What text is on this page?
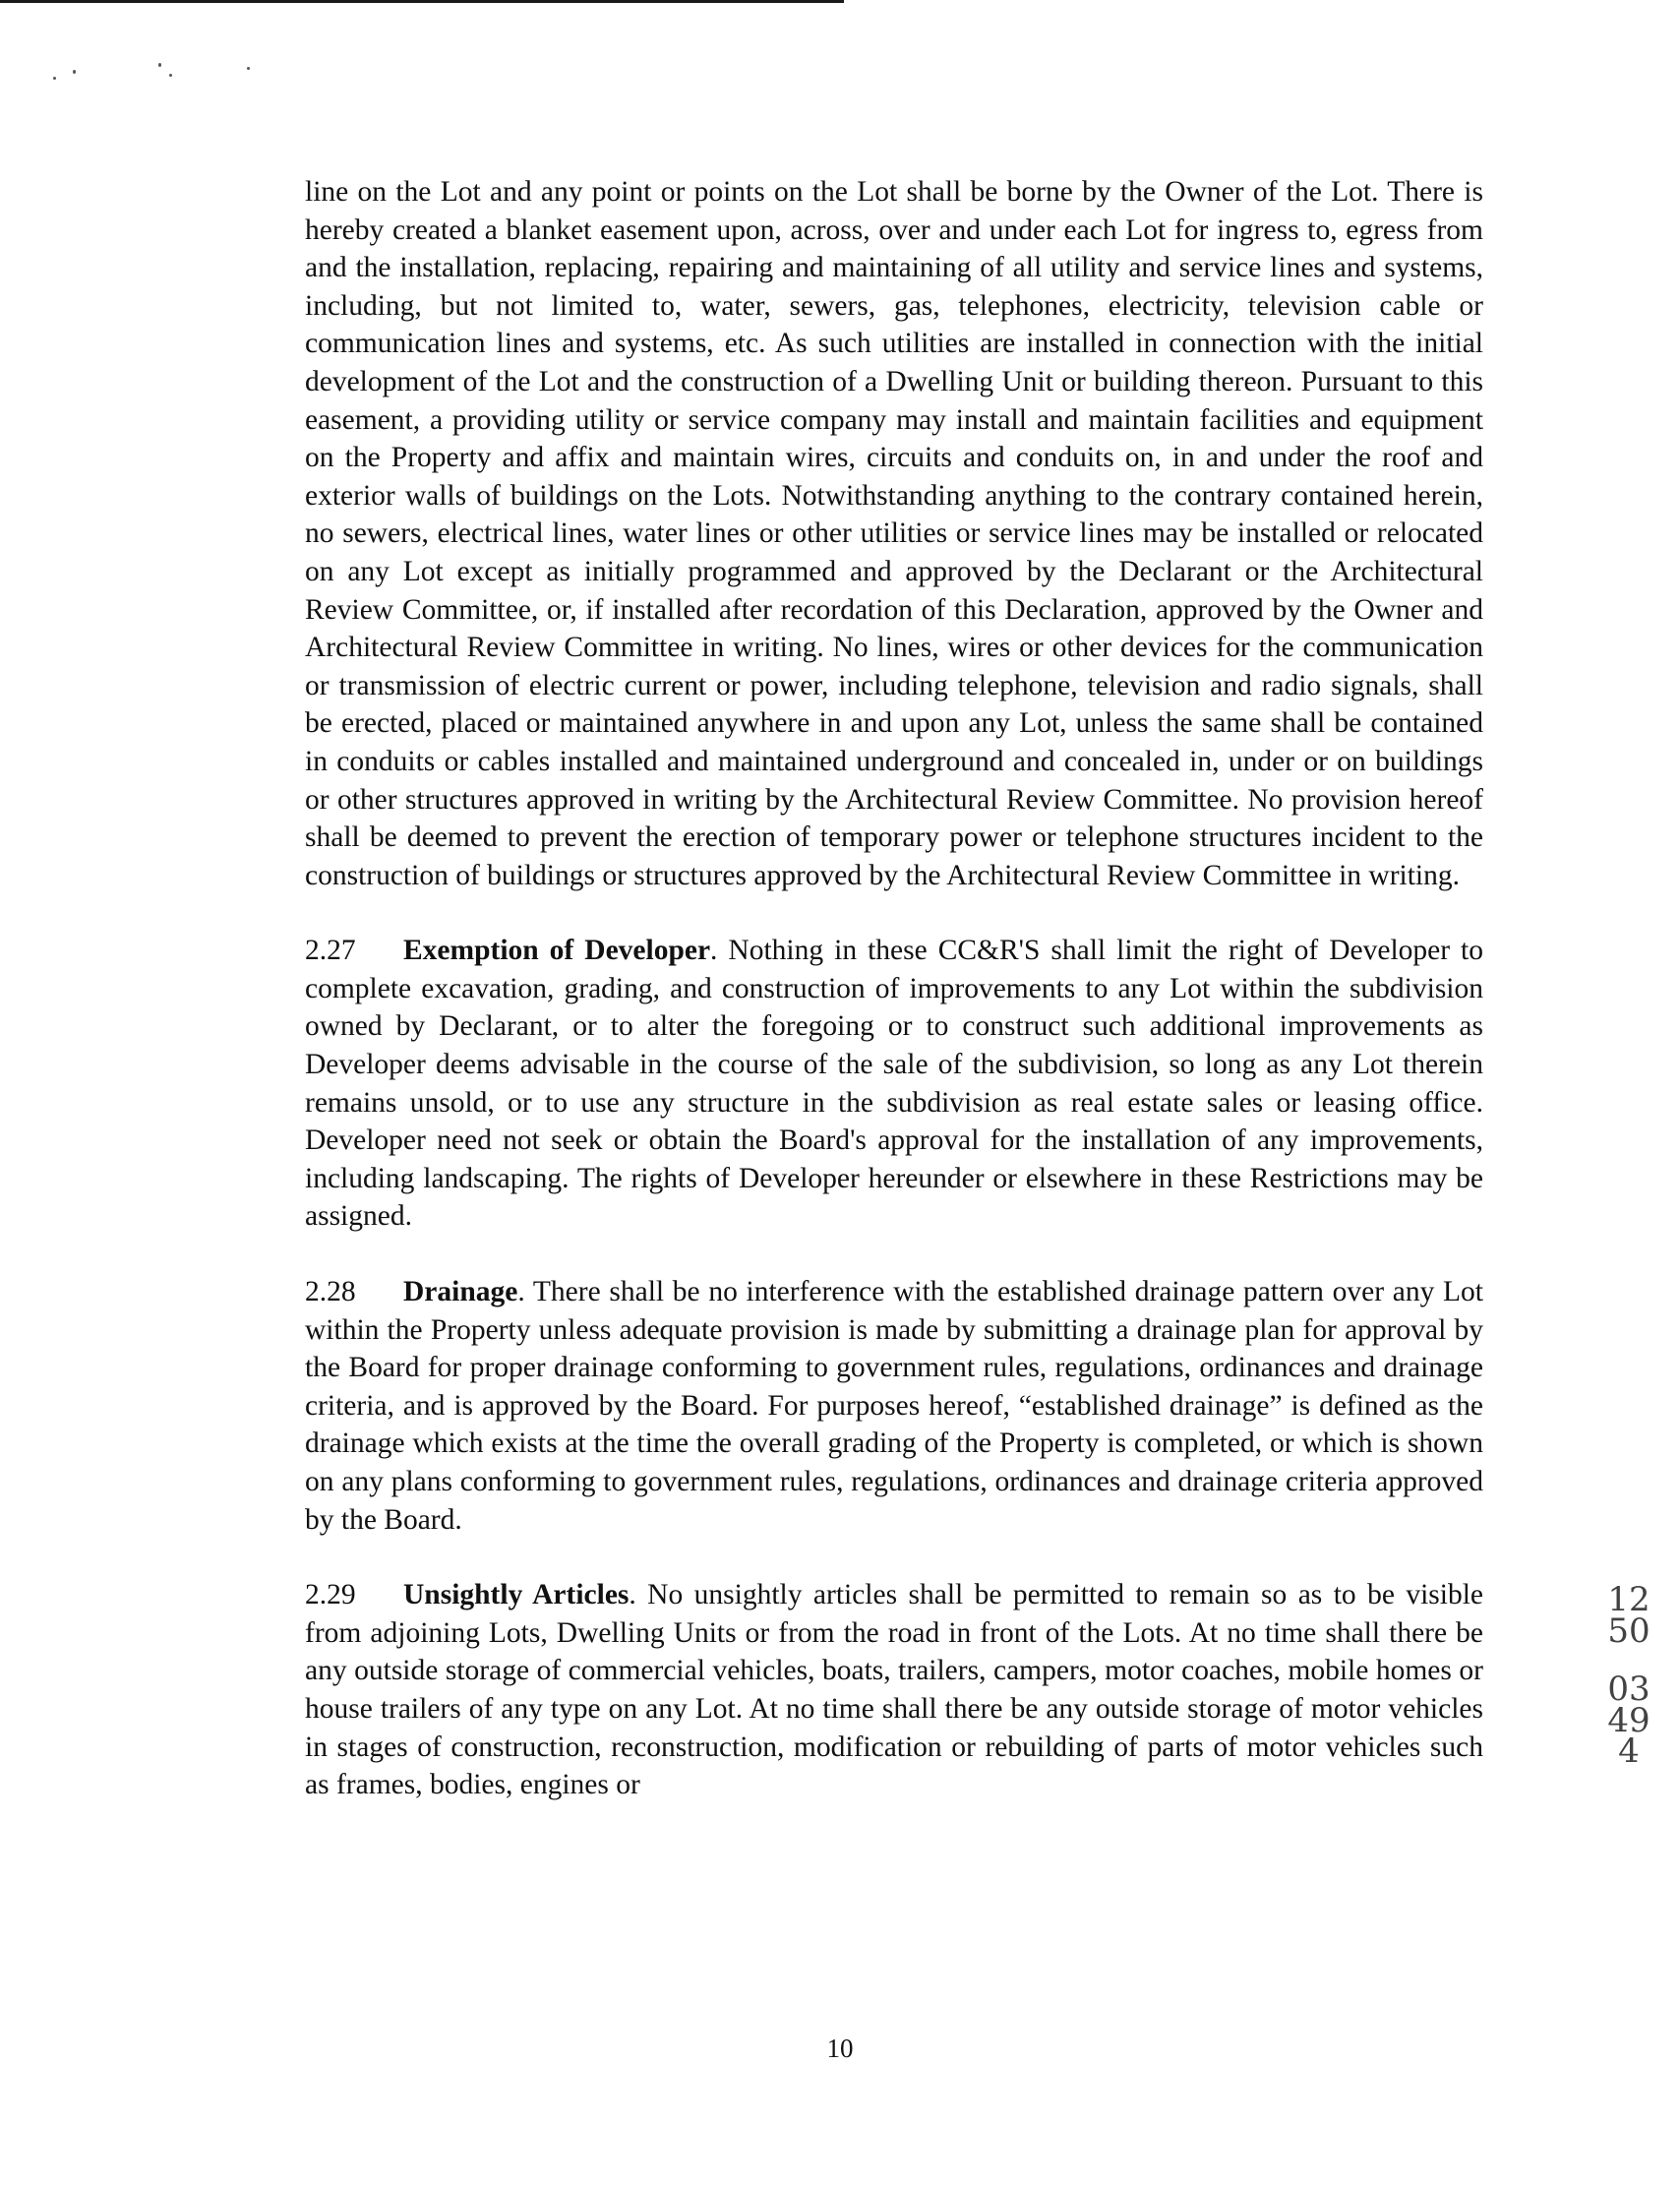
line on the Lot and any point or points on the Lot shall be borne by the Owner of the Lot. There is hereby created a blanket easement upon, across, over and under each Lot for ingress to, egress from and the installation, replacing, repairing and maintaining of all utility and service lines and systems, including, but not limited to, water, sewers, gas, telephones, electricity, television cable or communication lines and systems, etc. As such utilities are installed in connection with the initial development of the Lot and the construction of a Dwelling Unit or building thereon. Pursuant to this easement, a providing utility or service company may install and maintain facilities and equipment on the Property and affix and maintain wires, circuits and conduits on, in and under the roof and exterior walls of buildings on the Lots. Notwithstanding anything to the contrary contained herein, no sewers, electrical lines, water lines or other utilities or service lines may be installed or relocated on any Lot except as initially programmed and approved by the Declarant or the Architectural Review Committee, or, if installed after recordation of this Declaration, approved by the Owner and Architectural Review Committee in writing. No lines, wires or other devices for the communication or transmission of electric current or power, including telephone, television and radio signals, shall be erected, placed or maintained anywhere in and upon any Lot, unless the same shall be contained in conduits or cables installed and maintained underground and concealed in, under or on buildings or other structures approved in writing by the Architectural Review Committee. No provision hereof shall be deemed to prevent the erection of temporary power or telephone structures incident to the construction of buildings or structures approved by the Architectural Review Committee in writing.

2.27 Exemption of Developer. Nothing in these CC&R'S shall limit the right of Developer to complete excavation, grading, and construction of improvements to any Lot within the subdivision owned by Declarant, or to alter the foregoing or to construct such additional improvements as Developer deems advisable in the course of the sale of the subdivision, so long as any Lot therein remains unsold, or to use any structure in the subdivision as real estate sales or leasing office. Developer need not seek or obtain the Board's approval for the installation of any improvements, including landscaping. The rights of Developer hereunder or elsewhere in these Restrictions may be assigned.

2.28 Drainage. There shall be no interference with the established drainage pattern over any Lot within the Property unless adequate provision is made by submitting a drainage plan for approval by the Board for proper drainage conforming to government rules, regulations, ordinances and drainage criteria, and is approved by the Board. For purposes hereof, “established drainage” is defined as the drainage which exists at the time the overall grading of the Property is completed, or which is shown on any plans conforming to government rules, regulations, ordinances and drainage criteria approved by the Board.

2.29 Unsightly Articles. No unsightly articles shall be permitted to remain so as to be visible from adjoining Lots, Dwelling Units or from the road in front of the Lots. At no time shall there be any outside storage of commercial vehicles, boats, trailers, campers, motor coaches, mobile homes or house trailers of any type on any Lot. At no time shall there be any outside storage of motor vehicles in stages of construction, reconstruction, modification or rebuilding of parts of motor vehicles such as frames, bodies, engines or

1250
03494
10
